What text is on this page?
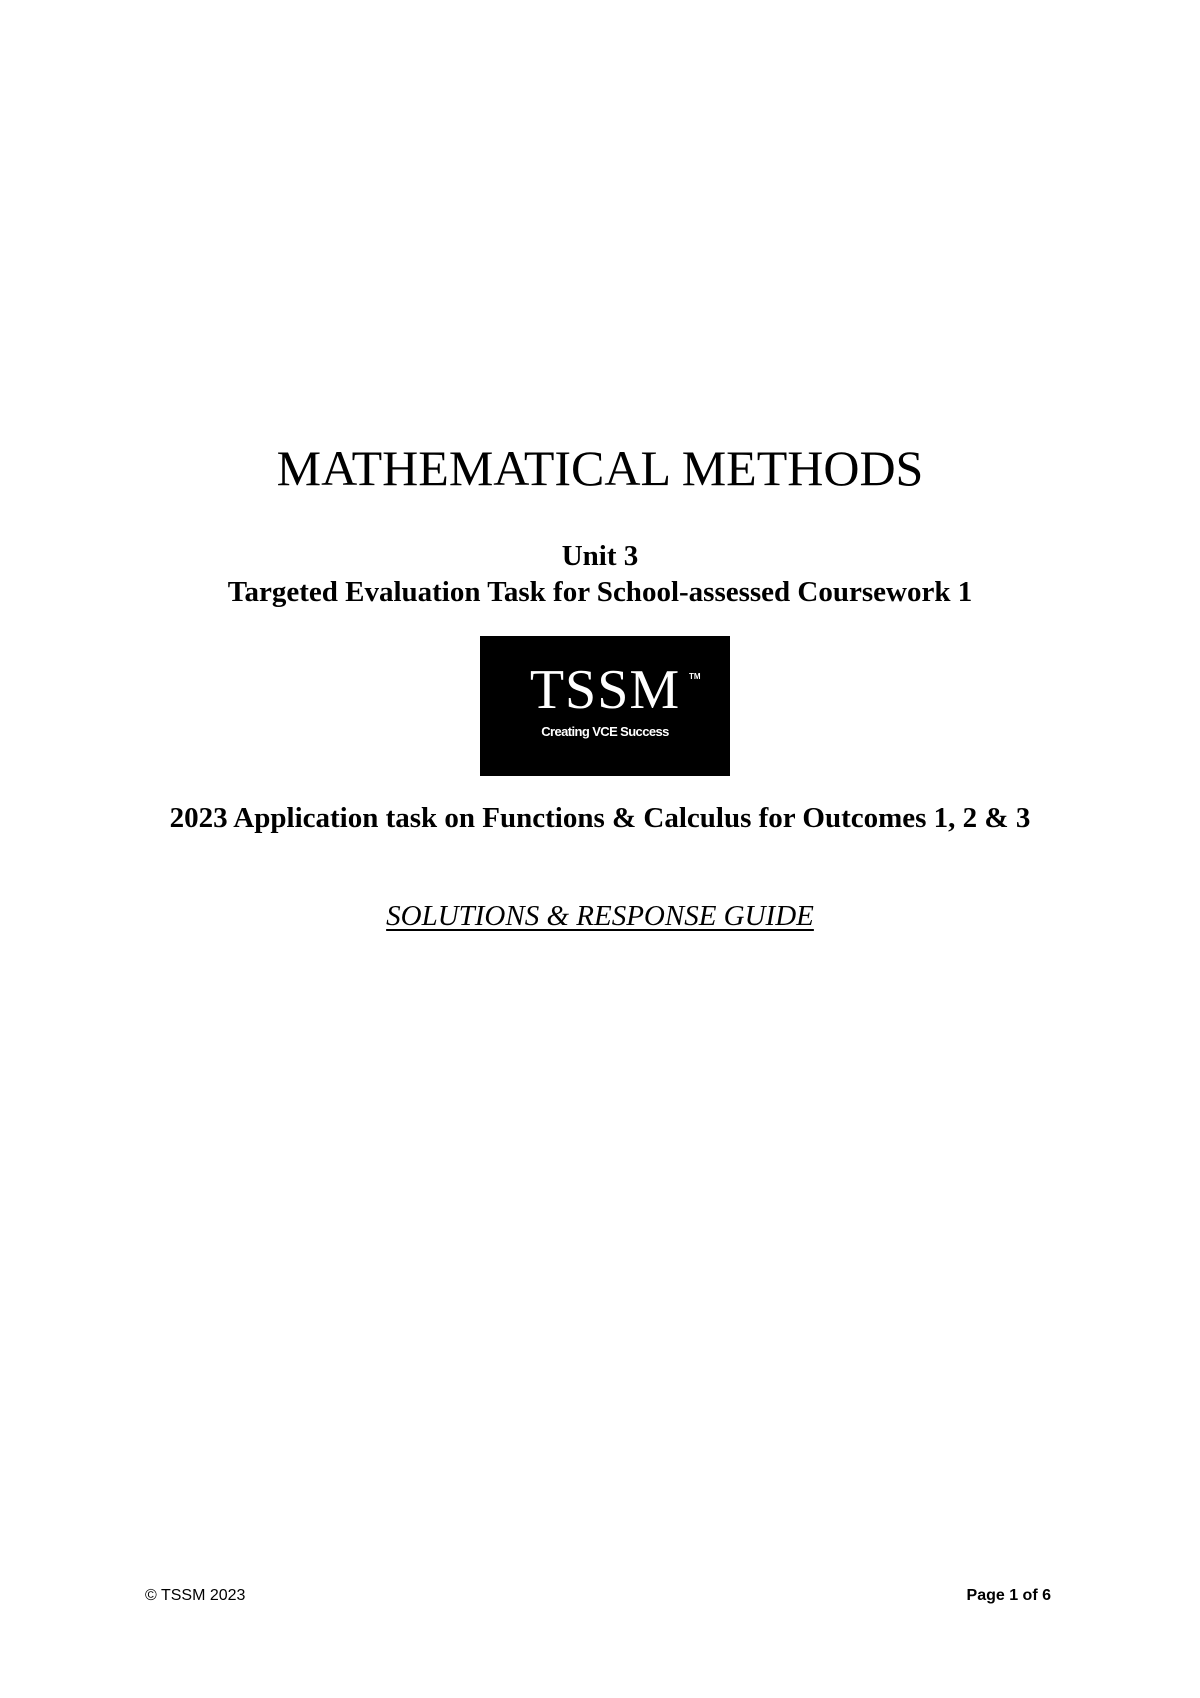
MATHEMATICAL METHODS
Unit 3
Targeted Evaluation Task for School-assessed Coursework 1
TSSM	TM
Creating VCE Success
2023 Application task on Functions & Calculus for Outcomes 1, 2 & 3
SOLUTIONS & RESPONSE GUIDE
© TSSM 2023	Page 1 of 6
